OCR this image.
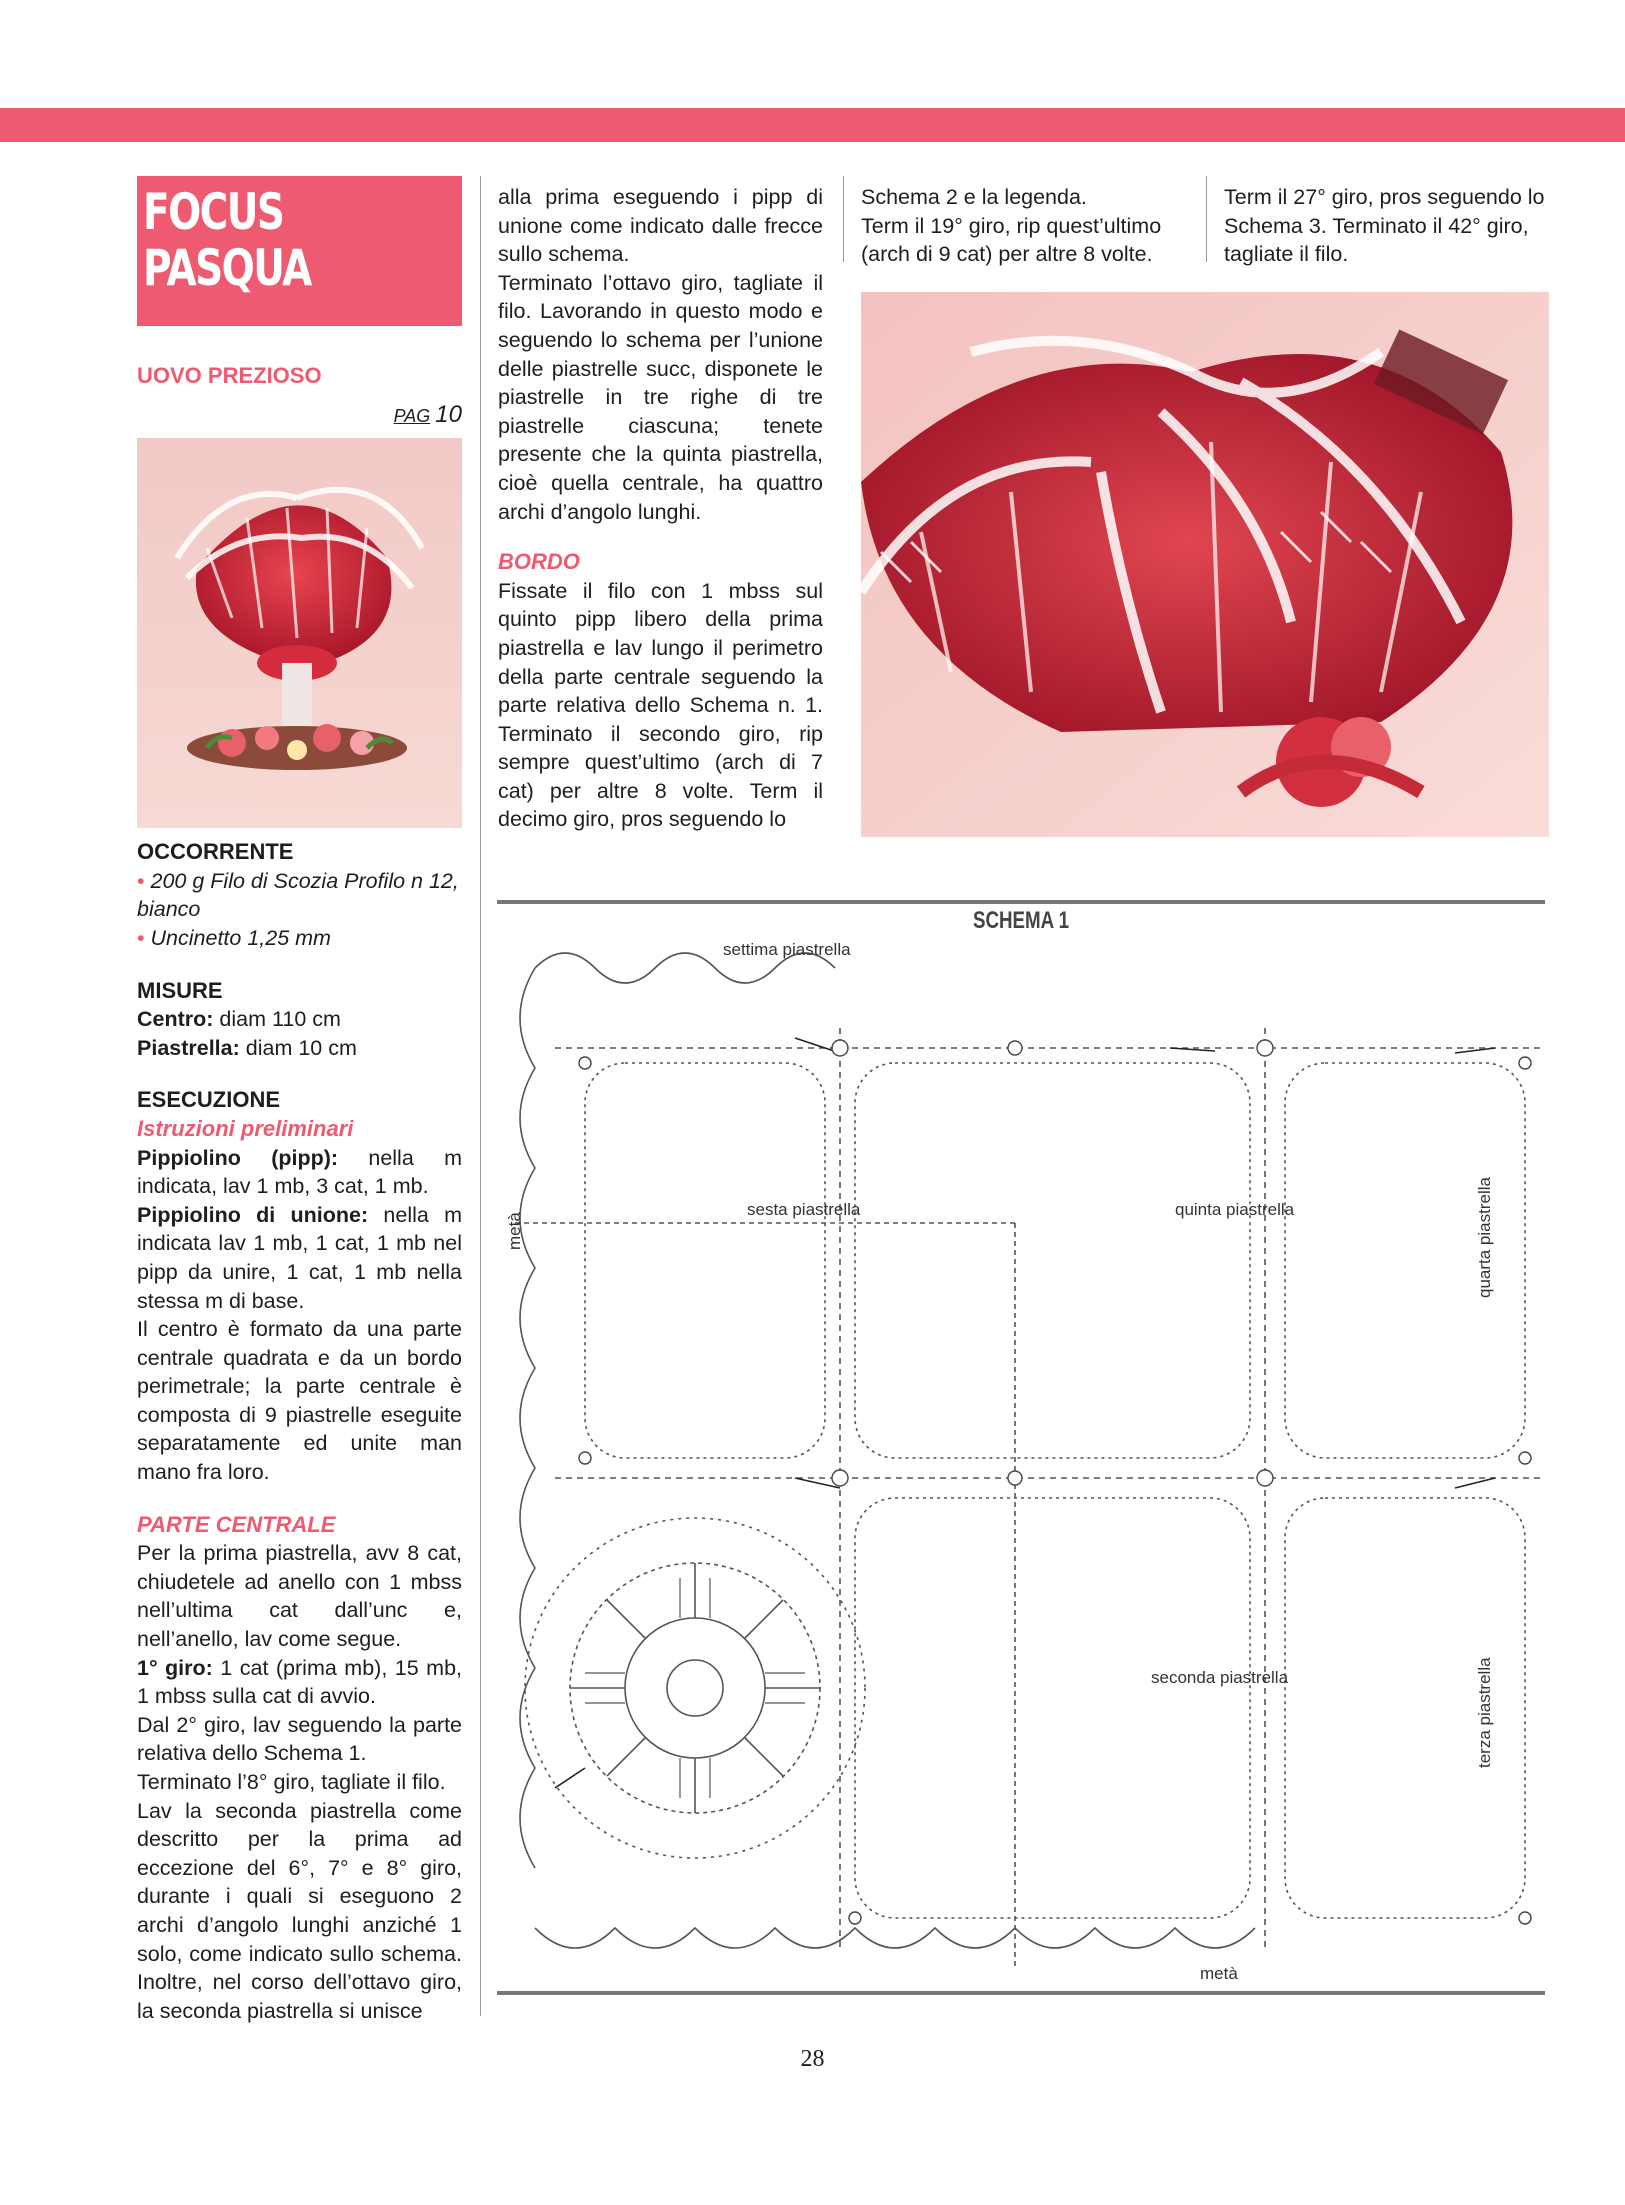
FOCUS
PASQUA
UOVO PREZIOSO
PAG 10
OCCORRENTE
• 200 g Filo di Scozia Profilo n 12, bianco
• Uncinetto 1,25 mm
MISURE
Centro: diam 110 cm
Piastrella: diam 10 cm
ESECUZIONE
Istruzioni preliminari
Pippiolino (pipp): nella m indicata, lav 1 mb, 3 cat, 1 mb.
Pippiolino di unione: nella m indicata lav 1 mb, 1 cat, 1 mb nel pipp da unire, 1 cat, 1 mb nella stessa m di base.
Il centro è formato da una parte centrale quadrata e da un bordo perimetrale; la parte centrale è composta di 9 piastrelle eseguite separatamente ed unite man mano fra loro.
PARTE CENTRALE
Per la prima piastrella, avv 8 cat, chiudetele ad anello con 1 mbss nell’ultima cat dall’unc e, nell’anello, lav come segue.
1° giro: 1 cat (prima mb), 15 mb, 1 mbss sulla cat di avvio.
Dal 2° giro, lav seguendo la parte relativa dello Schema 1.
Terminato l’8° giro, tagliate il filo.
Lav la seconda piastrella come descritto per la prima ad eccezione del 6°, 7° e 8° giro, durante i quali si eseguono 2 archi d’angolo lunghi anziché 1 solo, come indicato sullo schema. Inoltre, nel corso dell’ottavo giro, la seconda piastrella si unisce
alla prima eseguendo i pipp di unione come indicato dalle frecce sullo schema.
Terminato l’ottavo giro, tagliate il filo. Lavorando in questo modo e seguendo lo schema per l’unione delle piastrelle succ, disponete le piastrelle in tre righe di tre piastrelle ciascuna; tenete presente che la quinta piastrella, cioè quella centrale, ha quattro archi d’angolo lunghi.
BORDO
Fissate il filo con 1 mbss sul quinto pipp libero della prima piastrella e lav lungo il perimetro della parte centrale seguendo la parte relativa dello Schema n. 1. Terminato il secondo giro, rip sempre quest’ultimo (arch di 7 cat) per altre 8 volte. Term il decimo giro, pros seguendo lo
Schema 2 e la legenda.
Term il 19° giro, rip quest’ultimo (arch di 9 cat) per altre 8 volte.
Term il 27° giro, pros seguendo lo Schema 3. Terminato il 42° giro, tagliate il filo.
SCHEMA 1
settima piastrella
sesta piastrella	quinta piastrella	quarta piastrella
seconda piastrella	terza piastrella
metà
metà
28
